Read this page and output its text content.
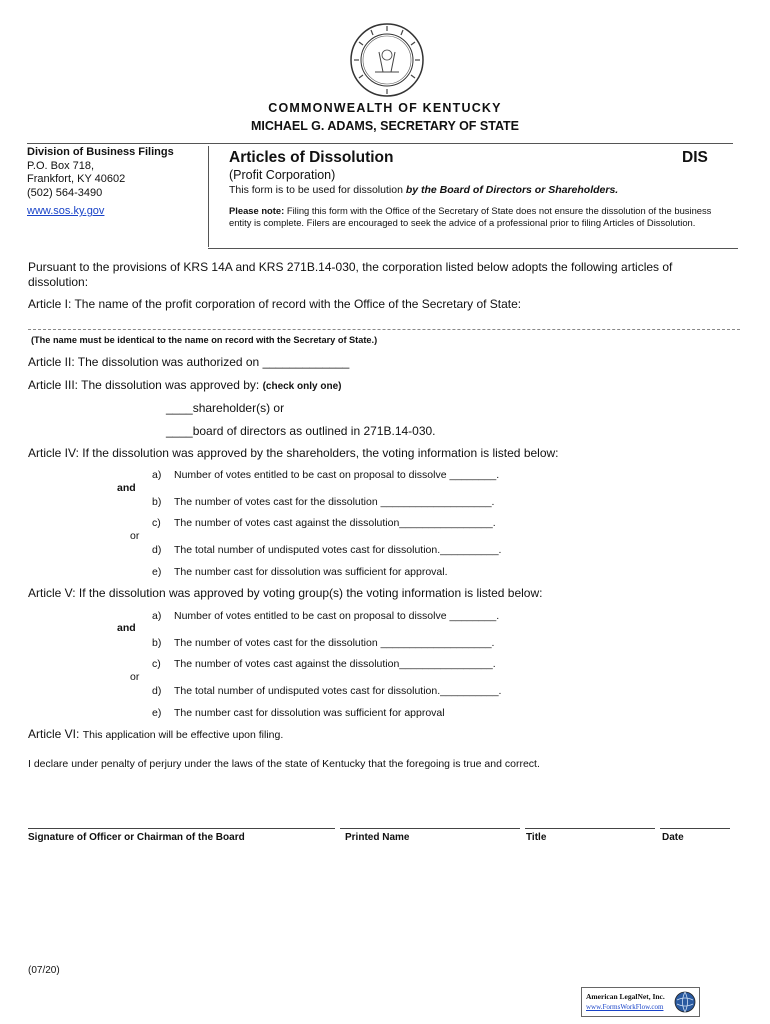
COMMONWEALTH OF KENTUCKY
MICHAEL G. ADAMS, SECRETARY OF STATE
Division of Business Filings
P.O. Box 718,
Frankfort, KY 40602
(502) 564-3490
www.sos.ky.gov
Articles of Dissolution	DIS
(Profit Corporation)
This form is to be used for dissolution by the Board of Directors or Shareholders.
Please note: Filing this form with the Office of the Secretary of State does not ensure the dissolution of the business entity is complete. Filers are encouraged to seek the advice of a professional prior to filing Articles of Dissolution.
Pursuant to the provisions of KRS 14A and KRS 271B.14-030, the corporation listed below adopts the following articles of dissolution:
Article I: The name of the profit corporation of record with the Office of the Secretary of State:
(The name must be identical to the name on record with the Secretary of State.)
Article II: The dissolution was authorized on _____________
Article III: The dissolution was approved by: (check only one)
____shareholder(s) or
____board of directors as outlined in 271B.14-030.
Article IV: If the dissolution was approved by the shareholders, the voting information is listed below:
a) Number of votes entitled to be cast on proposal to dissolve ________.
and
b) The number of votes cast for the dissolution ___________________.
c) The number of votes cast against the dissolution________________.
or
d) The total number of undisputed votes cast for dissolution.__________.
e) The number cast for dissolution was sufficient for approval.
Article V: If the dissolution was approved by voting group(s) the voting information is listed below:
a) Number of votes entitled to be cast on proposal to dissolve ________.
and
b) The number of votes cast for the dissolution ___________________.
c) The number of votes cast against the dissolution________________.
or
d) The total number of undisputed votes cast for dissolution.__________.
e) The number cast for dissolution was sufficient for approval
Article VI: This application will be effective upon filing.
I declare under penalty of perjury under the laws of the state of Kentucky that the foregoing is true and correct.
Signature of Officer or Chairman of the Board	Printed Name	Title	Date
(07/20)
American LegalNet, Inc.
www.FormsWorkFlow.com
